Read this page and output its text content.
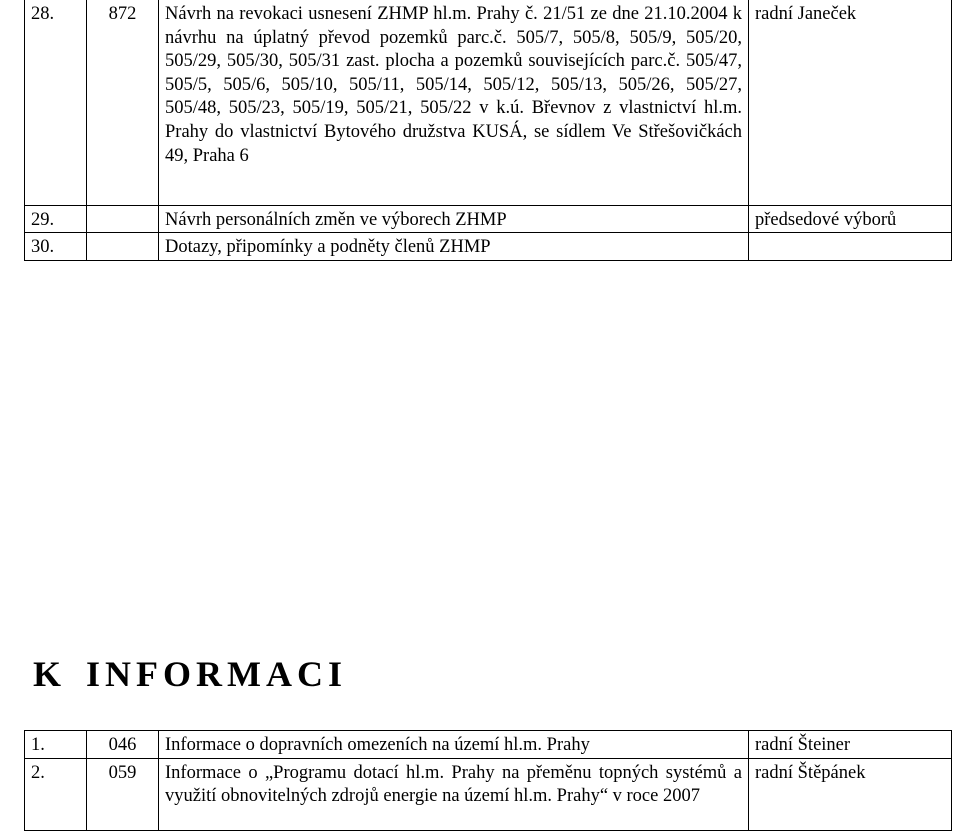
28.	872	Návrh na revokaci usnesení ZHMP hl.m. Prahy č. 21/51 ze dne 21.10.2004 k návrhu na úplatný převod pozemků parc.č. 505/7, 505/8, 505/9, 505/20, 505/29, 505/30, 505/31 zast. plocha a pozemků souvisejících parc.č. 505/47, 505/5, 505/6, 505/10, 505/11, 505/14, 505/12, 505/13, 505/26, 505/27, 505/48, 505/23, 505/19, 505/21, 505/22 v k.ú. Břevnov z vlastnictví hl.m. Prahy do vlastnictví Bytového družstva KUSÁ, se sídlem Ve Střešovičkách 49, Praha 6	radní Janeček
29.		Návrh personálních změn ve výborech ZHMP	předsedové výborů
30.		Dotazy, připomínky a podněty členů ZHMP	
K INFORMACI
1.	046	Informace o dopravních omezeních na území hl.m. Prahy	radní Šteiner
2.	059	Informace o „Programu dotací hl.m. Prahy na přeměnu topných systémů a využití obnovitelných zdrojů energie na území hl.m. Prahy“ v roce 2007	radní Štěpánek
